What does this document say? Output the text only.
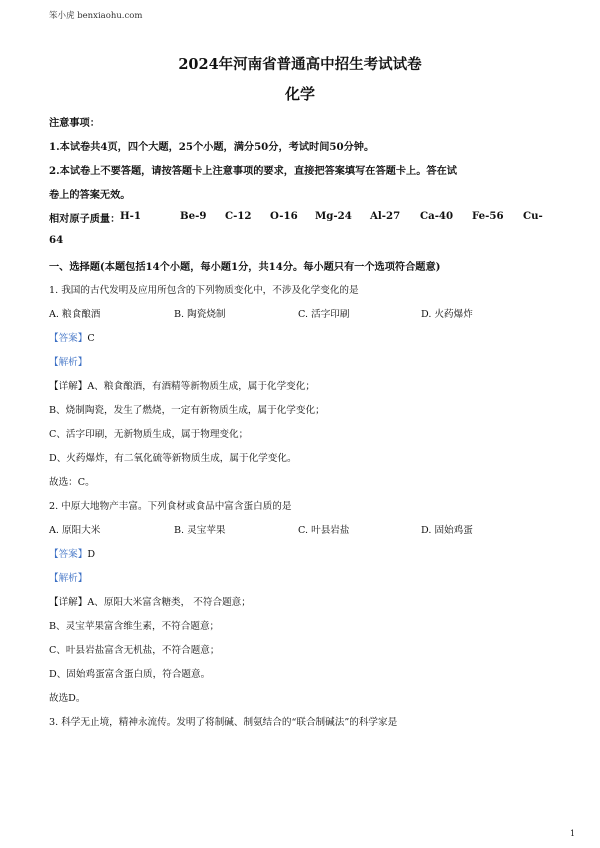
笨小虎 benxiaohu.com
2024年河南省普通高中招生考试试卷
化学
注意事项：
1.本试卷共4页，四个大题，25个小题，满分50分，考试时间50分钟。
2.本试卷上不要答题，请按答题卡上注意事项的要求，直接把答案填写在答题卡上。答在试
卷上的答案无效。
相对原子质量： H-1	Be-9 C-12 O-16 Mg-24 Al-27 Ca-40 Fe-56 Cu-
64
一、选择题(本题包括14个小题，每小题1分，共14分。每小题只有一个选项符合题意)
1. 我国的古代发明及应用所包含的下列物质变化中，不涉及化学变化的是
A. 粮食酿酒	B. 陶瓷烧制	C. 活字印刷	D. 火药爆炸
【答案】C
【解析】
【详解】A、粮食酿酒，有酒精等新物质生成，属于化学变化；
B、烧制陶瓷，发生了燃烧，一定有新物质生成，属于化学变化；
C、活字印刷，无新物质生成，属于物理变化；
D、火药爆炸，有二氧化硫等新物质生成，属于化学变化。
故选：C。
2. 中原大地物产丰富。下列食材或食品中富含蛋白质的是
A. 原阳大米	B. 灵宝苹果	C. 叶县岩盐	D. 固始鸡蛋
【答案】D
【解析】
【详解】A、原阳大米富含糖类， 不符合题意；
B、灵宝苹果富含维生素，不符合题意；
C、叶县岩盐富含无机盐，不符合题意；
D、固始鸡蛋富含蛋白质，符合题意。
故选D。
3. 科学无止境，精神永流传。发明了将制碱、制氨结合的“联合制碱法”的科学家是
1
